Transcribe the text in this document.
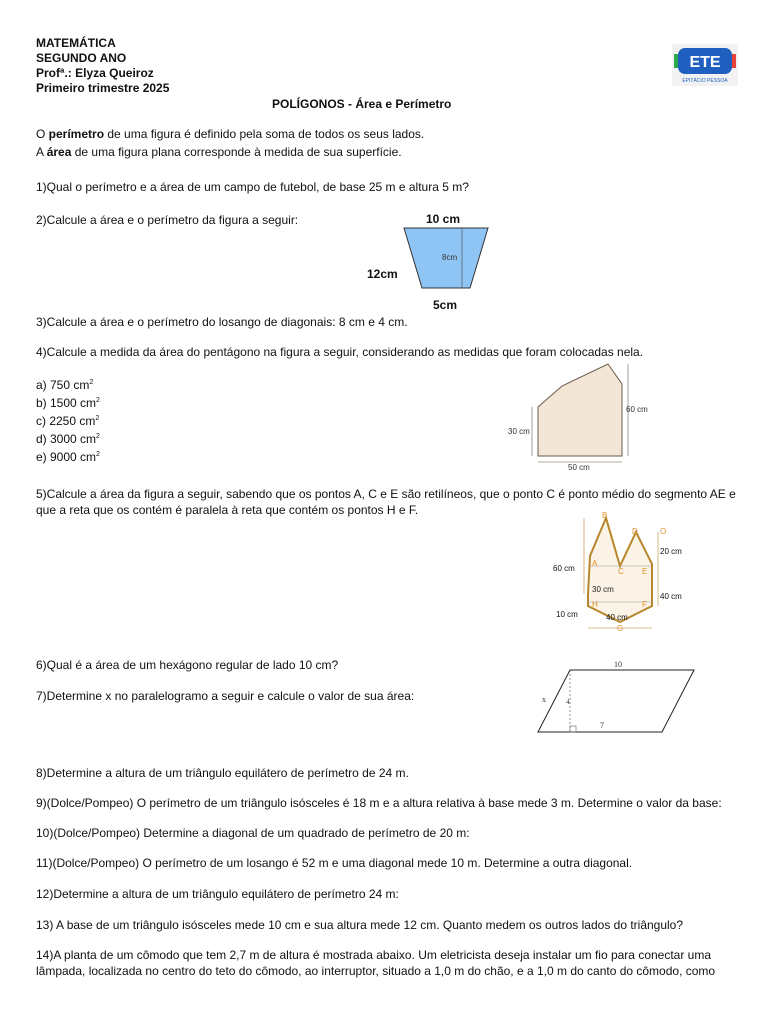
MATEMÁTICA
SEGUNDO ANO
Profª.: Elyza Queiroz
Primeiro trimestre 2025
ETE
EPITÁCIO PESSOA
POLÍGONOS - Área e Perímetro
O perímetro de uma figura é definido pela soma de todos os seus lados.
A área de uma figura plana corresponde à medida de sua superfície.
1)Qual o perímetro e a área de um campo de futebol, de base 25 m e altura 5 m?
2)Calcule a área e o perímetro da figura a seguir:	10 cm
8cm
12cm
5cm
3)Calcule a área e o perímetro do losango de diagonais: 8 cm e 4 cm.
4)Calcule a medida da área do pentágono na figura a seguir, considerando as medidas que foram colocadas nela.
a) 750 $cm^2$
b) 1500 $cm^2$
c) 2250 $cm^2$
d) 3000 $cm^2$
e) 9000 $cm^2$
30 cm
60 cm
50 cm
5)Calcule a área da figura a seguir, sabendo que os pontos A, C e E são retilíneos, que o ponto C é ponto médio do segmento AE e
que a reta que os contém é paralela à reta que contém os pontos H e F.	B
D	O
A
C E
H	F
G
30 cm
60 cm
10 cm
20 cm
40 cm
40 cm
6)Qual é a área de um hexágono regular de lado 10 cm?
7)Determine x no paralelogramo a seguir e calcule o valor de sua área:
10
x	4
7
8)Determine a altura de um triângulo equilátero de perímetro de 24 m.
9)(Dolce/Pompeo) O perímetro de um triângulo isósceles é 18 m e a altura relativa à base mede 3 m. Determine o valor da base:
10)(Dolce/Pompeo) Determine a diagonal de um quadrado de perímetro de 20 m:
11)(Dolce/Pompeo) O perímetro de um losango é 52 m e uma diagonal mede 10 m. Determine a outra diagonal.
12)Determine a altura de um triângulo equilátero de perímetro 24 m:
13) A base de um triângulo isósceles mede 10 cm e sua altura mede 12 cm. Quanto medem os outros lados do triângulo?
14)A planta de um cômodo que tem 2,7 m de altura é mostrada abaixo. Um eletricista deseja instalar um fio para conectar uma
lâmpada, localizada no centro do teto do cômodo, ao interruptor, situado a 1,0 m do chão, e a 1,0 m do canto do cômodo, como
